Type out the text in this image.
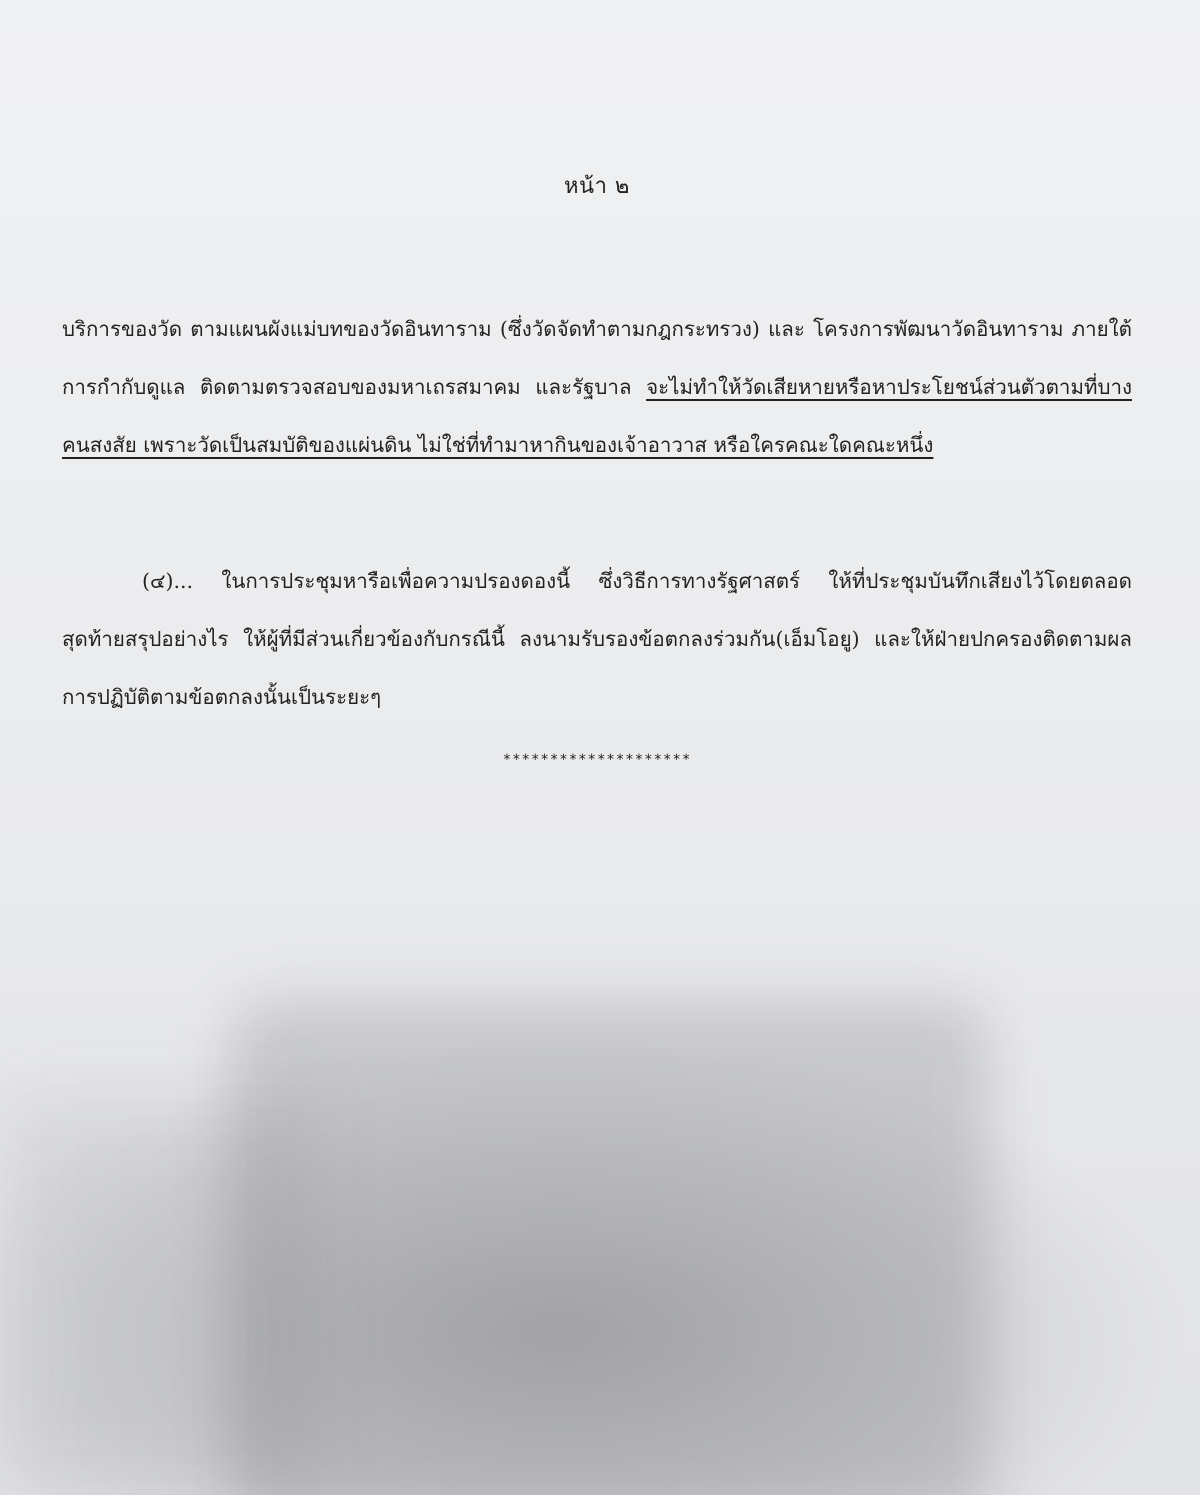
หน้า ๒
บริการของวัด ตามแผนผังแม่บทของวัดอินทาราม (ซึ่งวัดจัดทำตามกฎกระทรวง) และ โครงการพัฒนาวัดอินทาราม ภายใต้การกำกับดูแล ติดตามตรวจสอบของมหาเถรสมาคม และรัฐบาล จะไม่ทำให้วัดเสียหายหรือหาประโยชน์ส่วนตัวตามที่บางคนสงสัย เพราะวัดเป็นสมบัติของแผ่นดิน ไม่ใช่ที่ทำมาหากินของเจ้าอาวาส หรือใครคณะใดคณะหนึ่ง
(๔)... ในการประชุมหารือเพื่อความปรองดองนี้ ซึ่งวิธีการทางรัฐศาสตร์ ให้ที่ประชุมบันทึกเสียงไว้โดยตลอด สุดท้ายสรุปอย่างไร ให้ผู้ที่มีส่วนเกี่ยวข้องกับกรณีนี้ ลงนามรับรองข้อตกลงร่วมกัน(เอ็มโอยู) และให้ฝ่ายปกครองติดตามผลการปฏิบัติตามข้อตกลงนั้นเป็นระยะๆ
********************
